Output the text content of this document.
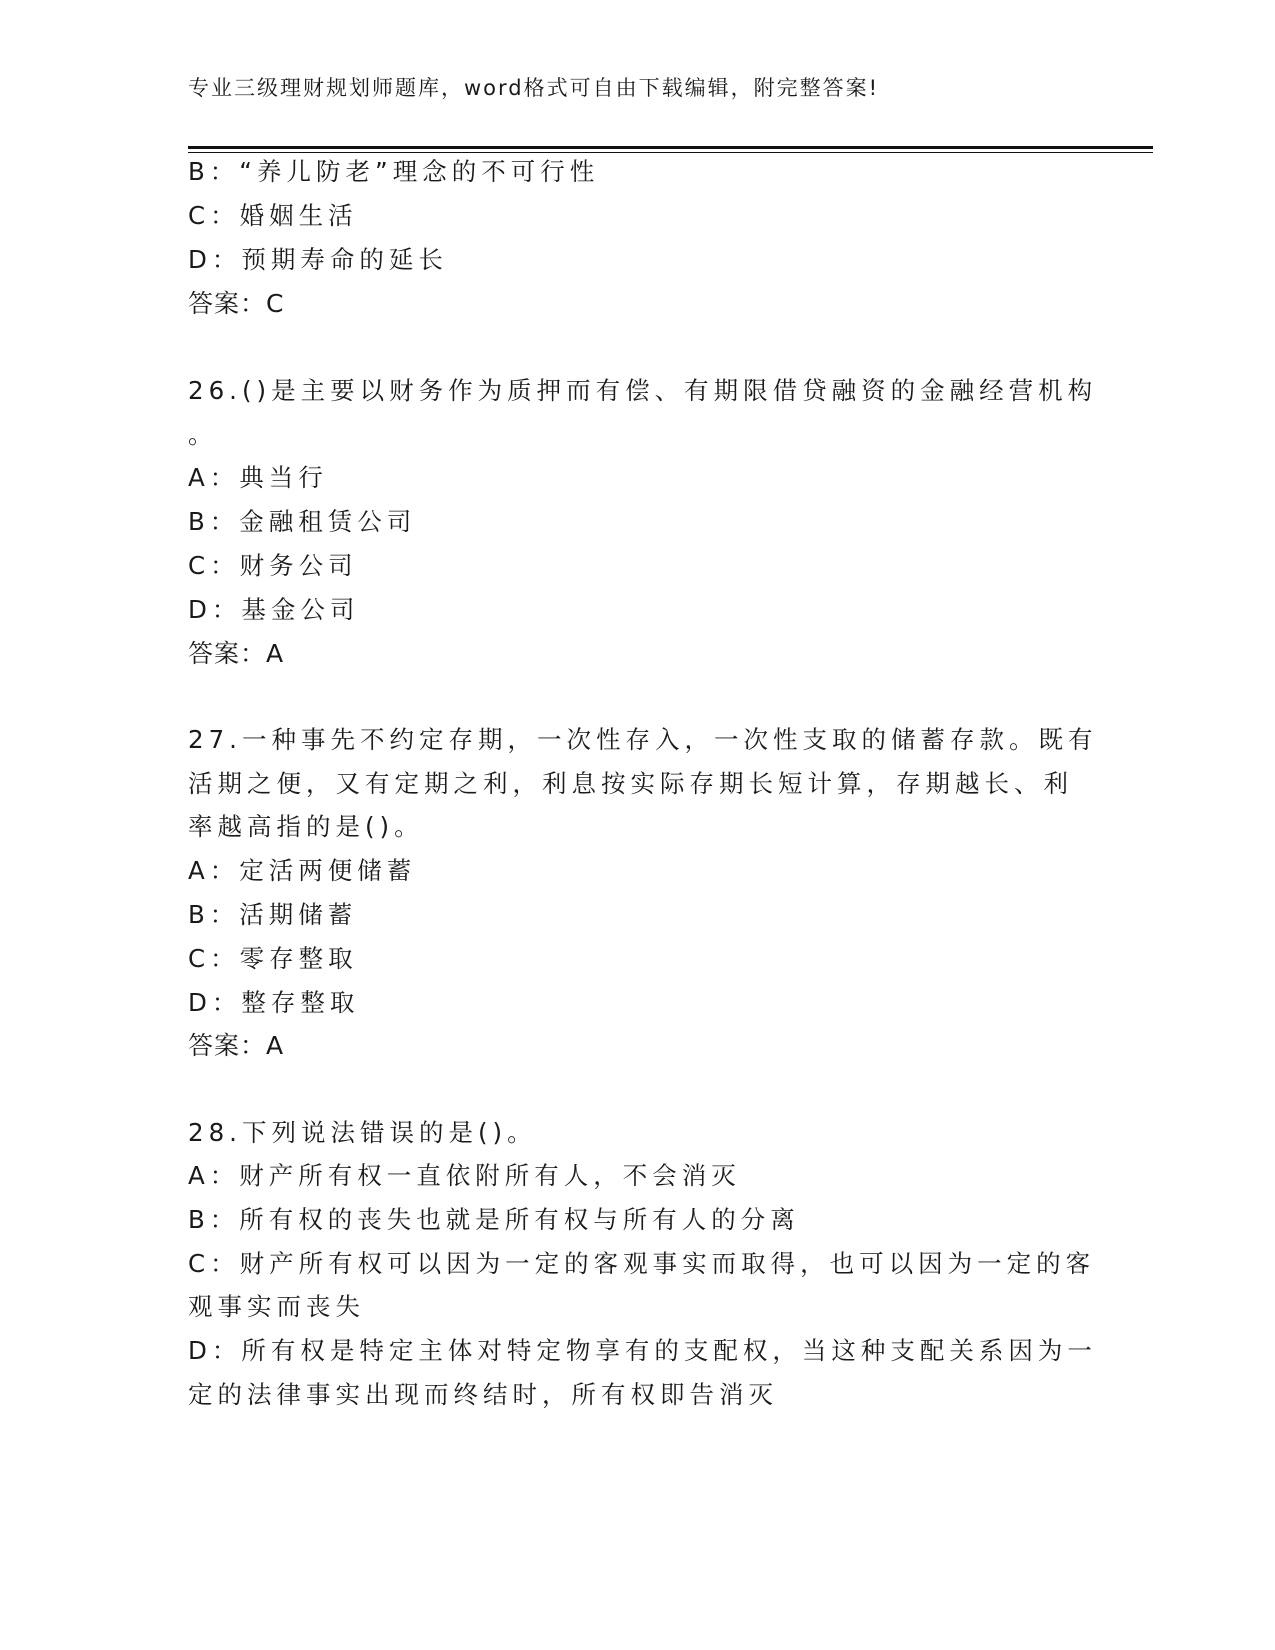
专业三级理财规划师题库，word格式可自由下载编辑，附完整答案!
B：“养儿防老”理念的不可行性
C：婚姻生活
D：预期寿命的延长
答案：C
26.()是主要以财务作为质押而有偿、有期限借贷融资的金融经营机构
。
A：典当行
B：金融租赁公司
C：财务公司
D：基金公司
答案：A
27.一种事先不约定存期，一次性存入，一次性支取的储蓄存款。既有
活期之便，又有定期之利，利息按实际存期长短计算，存期越长、利
率越高指的是()。
A：定活两便储蓄
B：活期储蓄
C：零存整取
D：整存整取
答案：A
28.下列说法错误的是()。
A：财产所有权一直依附所有人，不会消灭
B：所有权的丧失也就是所有权与所有人的分离
C：财产所有权可以因为一定的客观事实而取得，也可以因为一定的客
观事实而丧失
D：所有权是特定主体对特定物享有的支配权，当这种支配关系因为一
定的法律事实出现而终结时，所有权即告消灭
